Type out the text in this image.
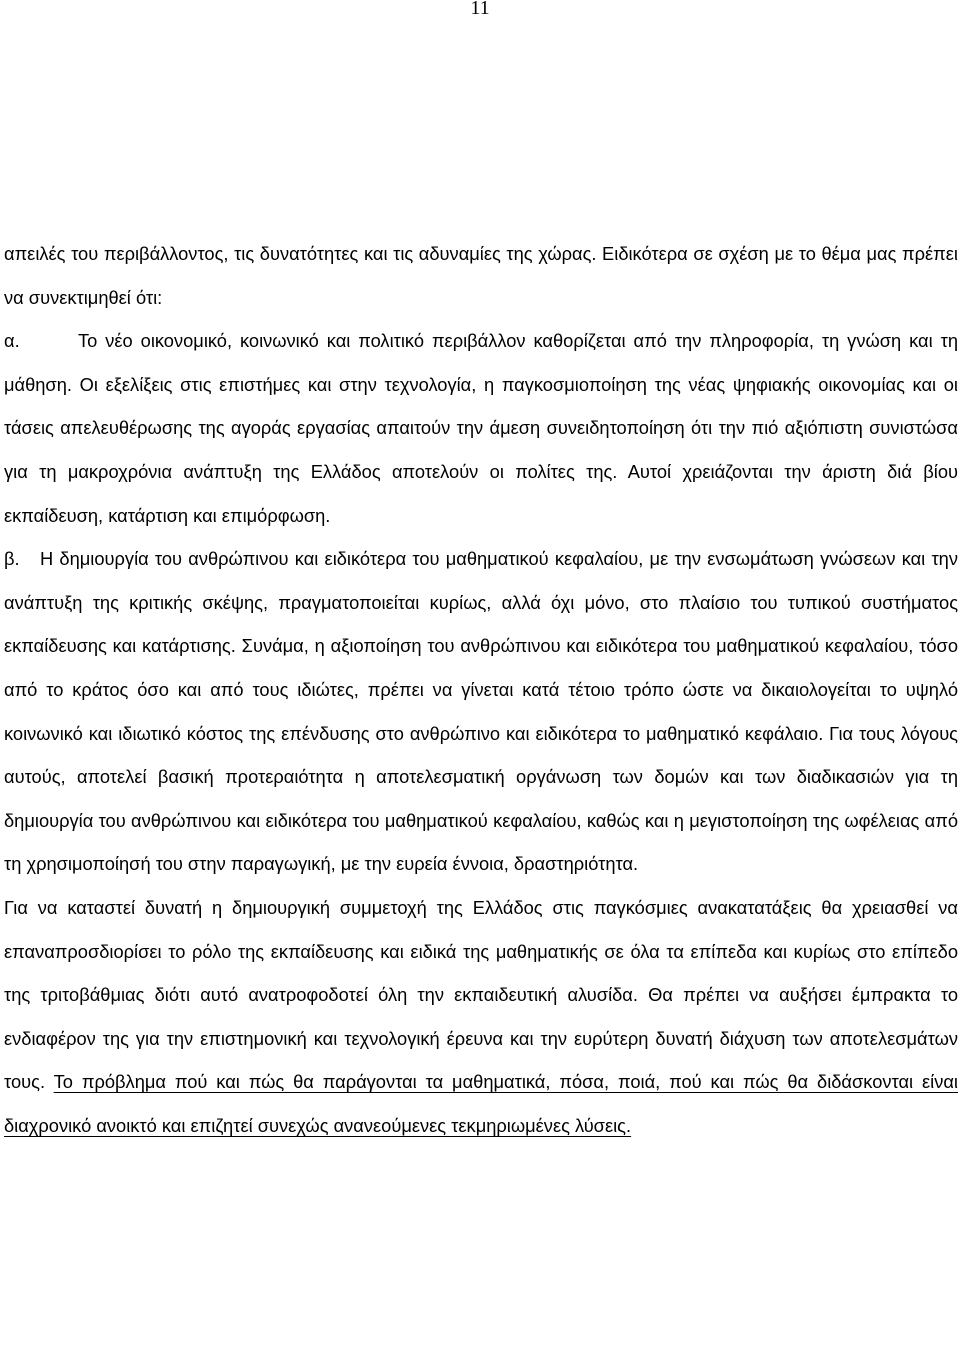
11

απειλές του περιβάλλοντος, τις δυνατότητες και τις αδυναμίες της χώρας. Ειδικότερα σε σχέση με το θέμα μας πρέπει να συνεκτιμηθεί ότι:

α.	Το νέο οικονομικό, κοινωνικό και πολιτικό περιβάλλον καθορίζεται από την πληροφορία, τη γνώση και τη μάθηση. Οι εξελίξεις στις επιστήμες και στην τεχνολογία, η παγκοσμιοποίηση της νέας ψηφιακής οικονομίας και οι τάσεις απελευθέρωσης της αγοράς εργασίας απαιτούν την άμεση συνειδητοποίηση ότι την πιό αξιόπιστη συνιστώσα για τη μακροχρόνια ανάπτυξη της Ελλάδος αποτελούν οι πολίτες της. Αυτοί χρειάζονται την άριστη διά βίου εκπαίδευση, κατάρτιση και επιμόρφωση.

β. Η δημιουργία του ανθρώπινου και ειδικότερα του μαθηματικού κεφαλαίου, με την ενσωμάτωση γνώσεων και την ανάπτυξη της κριτικής σκέψης, πραγματοποιείται κυρίως, αλλά όχι μόνο, στο πλαίσιο του τυπικού συστήματος εκπαίδευσης και κατάρτισης. Συνάμα, η αξιοποίηση του ανθρώπινου και ειδικότερα του μαθηματικού κεφαλαίου, τόσο από το κράτος όσο και από τους ιδιώτες, πρέπει να γίνεται κατά τέτοιο τρόπο ώστε να δικαιολογείται το υψηλό κοινωνικό και ιδιωτικό κόστος της επένδυσης στο ανθρώπινο και ειδικότερα το μαθηματικό κεφάλαιο. Για τους λόγους αυτούς, αποτελεί βασική προτεραιότητα η αποτελεσματική οργάνωση των δομών και των διαδικασιών για τη δημιουργία του ανθρώπινου και ειδικότερα του μαθηματικού κεφαλαίου, καθώς και η μεγιστοποίηση της ωφέλειας από τη χρησιμοποίησή του στην παραγωγική, με την ευρεία έννοια, δραστηριότητα.

Για να καταστεί δυνατή η δημιουργική συμμετοχή της Ελλάδος στις παγκόσμιες ανακατατάξεις θα χρειασθεί να επαναπροσδιορίσει το ρόλο της εκπαίδευσης και ειδικά της μαθηματικής σε όλα τα επίπεδα και κυρίως στο επίπεδο της τριτοβάθμιας διότι αυτό ανατροφοδοτεί όλη την εκπαιδευτική αλυσίδα. Θα πρέπει να αυξήσει έμπρακτα το ενδιαφέρον της για την επιστημονική και τεχνολογική έρευνα και την ευρύτερη δυνατή διάχυση των αποτελεσμάτων τους. Το πρόβλημα πού και πώς θα παράγονται τα μαθηματικά, πόσα, ποιά, πού και πώς θα διδάσκονται είναι διαχρονικό ανοικτό και επιζητεί συνεχώς ανανεούμενες τεκμηριωμένες λύσεις.
